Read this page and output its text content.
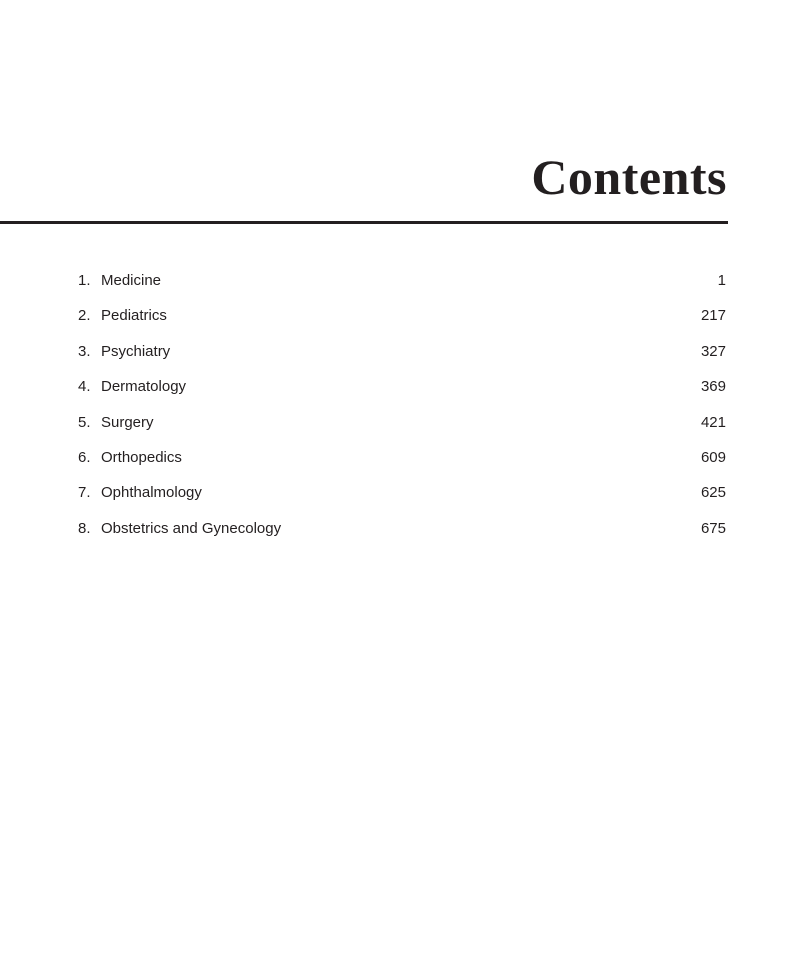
Contents
1. Medicine	1
2. Pediatrics	217
3. Psychiatry	327
4. Dermatology	369
5. Surgery	421
6. Orthopedics	609
7. Ophthalmology	625
8. Obstetrics and Gynecology	675
